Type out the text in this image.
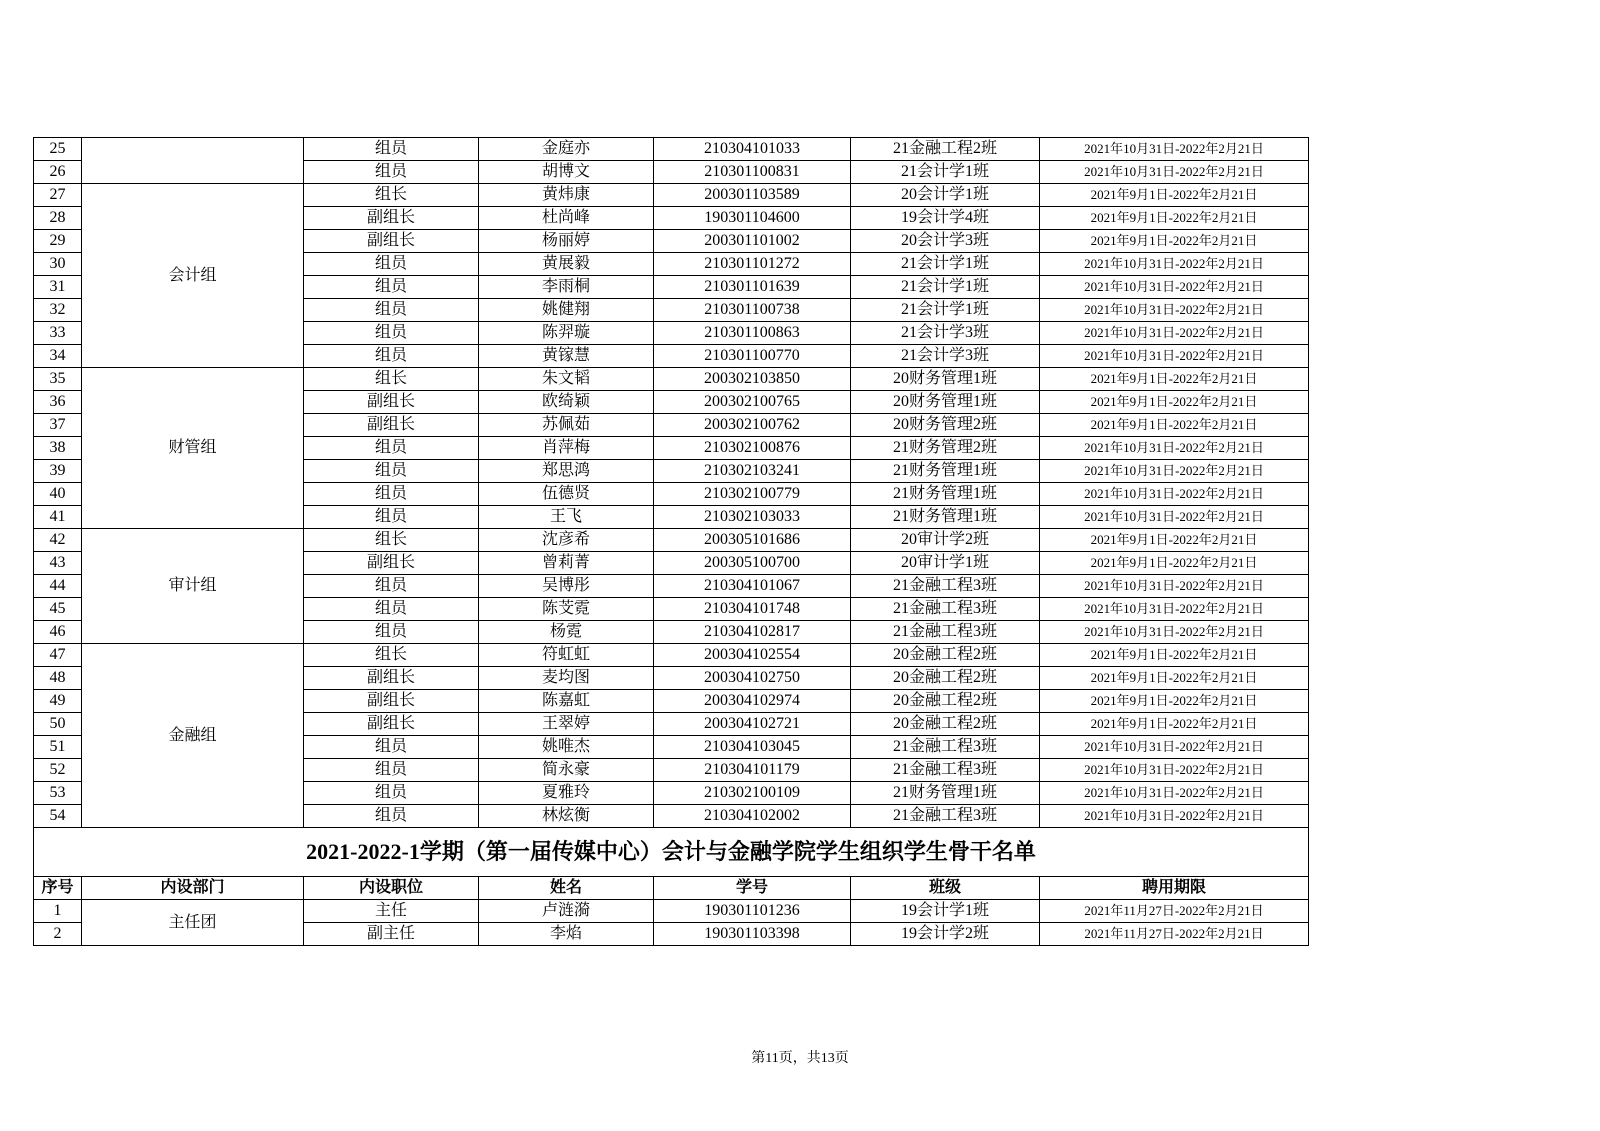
25		组员	金庭亦	210304101033	21金融工程2班	2021年10月31日-2022年2月21日
26		组员	胡博文	210301100831	21会计学1班	2021年10月31日-2022年2月21日
27	会计组	组长	黄炜康	200301103589	20会计学1班	2021年9月1日-2022年2月21日
28		副组长	杜尚峰	190301104600	19会计学4班	2021年9月1日-2022年2月21日
29		副组长	杨丽婷	200301101002	20会计学3班	2021年9月1日-2022年2月21日
30		组员	黄展毅	210301101272	21会计学1班	2021年10月31日-2022年2月21日
31		组员	李雨桐	210301101639	21会计学1班	2021年10月31日-2022年2月21日
32		组员	姚健翔	210301100738	21会计学1班	2021年10月31日-2022年2月21日
33		组员	陈羿璇	210301100863	21会计学3班	2021年10月31日-2022年2月21日
34		组员	黄镓慧	210301100770	21会计学3班	2021年10月31日-2022年2月21日
35	财管组	组长	朱文韬	200302103850	20财务管理1班	2021年9月1日-2022年2月21日
36		副组长	欧绮颖	200302100765	20财务管理1班	2021年9月1日-2022年2月21日
37		副组长	苏佩茹	200302100762	20财务管理2班	2021年9月1日-2022年2月21日
38		组员	肖萍梅	210302100876	21财务管理2班	2021年10月31日-2022年2月21日
39		组员	郑思鸿	210302103241	21财务管理1班	2021年10月31日-2022年2月21日
40		组员	伍德贤	210302100779	21财务管理1班	2021年10月31日-2022年2月21日
41		组员	王飞	210302103033	21财务管理1班	2021年10月31日-2022年2月21日
42	审计组	组长	沈彦希	200305101686	20审计学2班	2021年9月1日-2022年2月21日
43		副组长	曾莉菁	200305100700	20审计学1班	2021年9月1日-2022年2月21日
44		组员	吴博彤	210304101067	21金融工程3班	2021年10月31日-2022年2月21日
45		组员	陈芠霓	210304101748	21金融工程3班	2021年10月31日-2022年2月21日
46		组员	杨霓	210304102817	21金融工程3班	2021年10月31日-2022年2月21日
47	金融组	组长	符虹虹	200304102554	20金融工程2班	2021年9月1日-2022年2月21日
48		副组长	麦均图	200304102750	20金融工程2班	2021年9月1日-2022年2月21日
49		副组长	陈嘉虹	200304102974	20金融工程2班	2021年9月1日-2022年2月21日
50		副组长	王翠婷	200304102721	20金融工程2班	2021年9月1日-2022年2月21日
51		组员	姚唯杰	210304103045	21金融工程3班	2021年10月31日-2022年2月21日
52		组员	简永豪	210304101179	21金融工程3班	2021年10月31日-2022年2月21日
53		组员	夏雅玲	210302100109	21财务管理1班	2021年10月31日-2022年2月21日
54		组员	林炫衡	210304102002	21金融工程3班	2021年10月31日-2022年2月21日
2021-2022-1学期（第一届传媒中心）会计与金融学院学生组织学生骨干名单						
序号	内设部门	内设职位	姓名	学号	班级	聘用期限
1	主任团	主任	卢涟漪	190301101236	19会计学1班	2021年11月27日-2022年2月21日
2		副主任	李焰	190301103398	19会计学2班	2021年11月27日-2022年2月21日
第11页，共13页
